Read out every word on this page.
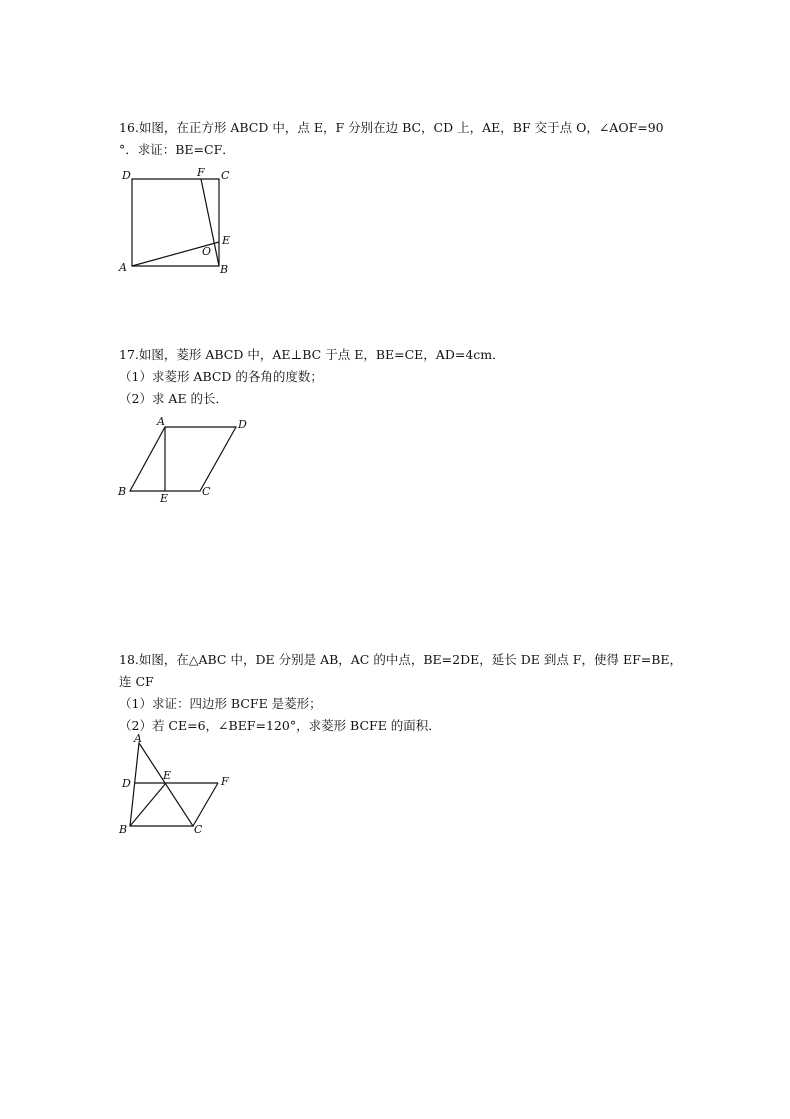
16.如图，在正方形 ABCD 中，点 E，F 分别在边 BC，CD 上，AE，BF 交于点 O，∠AOF=90
°．求证：BE=CF．
D	F C
E
O
A	B
17.如图，菱形 ABCD 中，AE⊥BC 于点 E，BE=CE，AD=4cm．
（1）求菱形 ABCD 的各角的度数；
（2）求 AE 的长．
A	D
B
E
C
18.如图，在△ABC 中，DE 分别是 AB，AC 的中点，BE=2DE，延长 DE 到点 F，使得 EF=BE，
连 CF
（1）求证：四边形 BCFE 是菱形；
（2）若 CE=6，∠BEF=120°，求菱形 BCFE 的面积．
A
D
E	F
B	C
